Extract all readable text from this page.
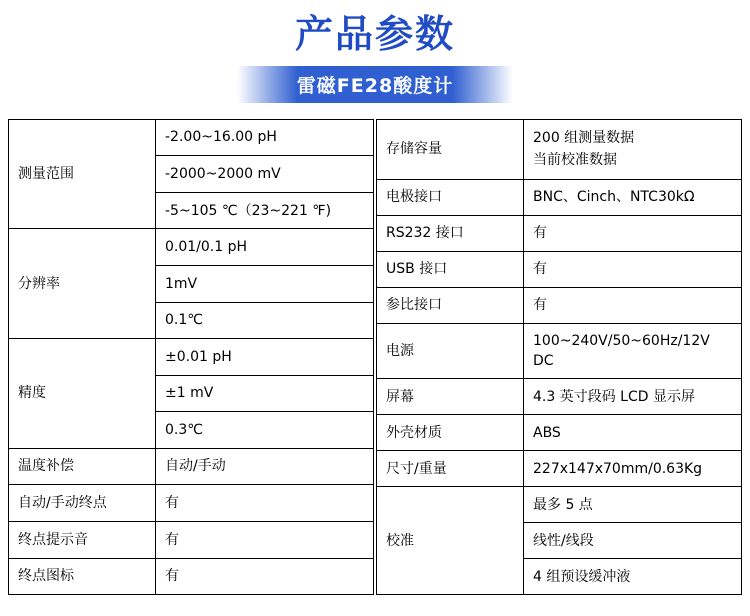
产品参数
雷磁FE28酸度计
测量范围	-2.00~16.00 pH
	-2000~2000 mV
	-5~105 ℃（23~221 ℉)
分辨率	0.01/0.1 pH
	1mV
	0.1℃
精度	±0.01 pH
	±1 mV
	0.3℃
温度补偿	自动/手动
自动/手动终点	有
终点提示音	有
终点图标	有
存储容量	200 组测量数据
当前校准数据

电极接口	BNC、Cinch、NTC30kΩ
RS232 接口	有
USB 接口	有
参比接口	有
电源	100~240V/50~60Hz/12V DC
屏幕	4.3 英寸段码 LCD 显示屏
外壳材质	ABS
尺寸/重量	227x147x70mm/0.63Kg
校准	最多 5 点
	线性/线段
	4 组预设缓冲液
